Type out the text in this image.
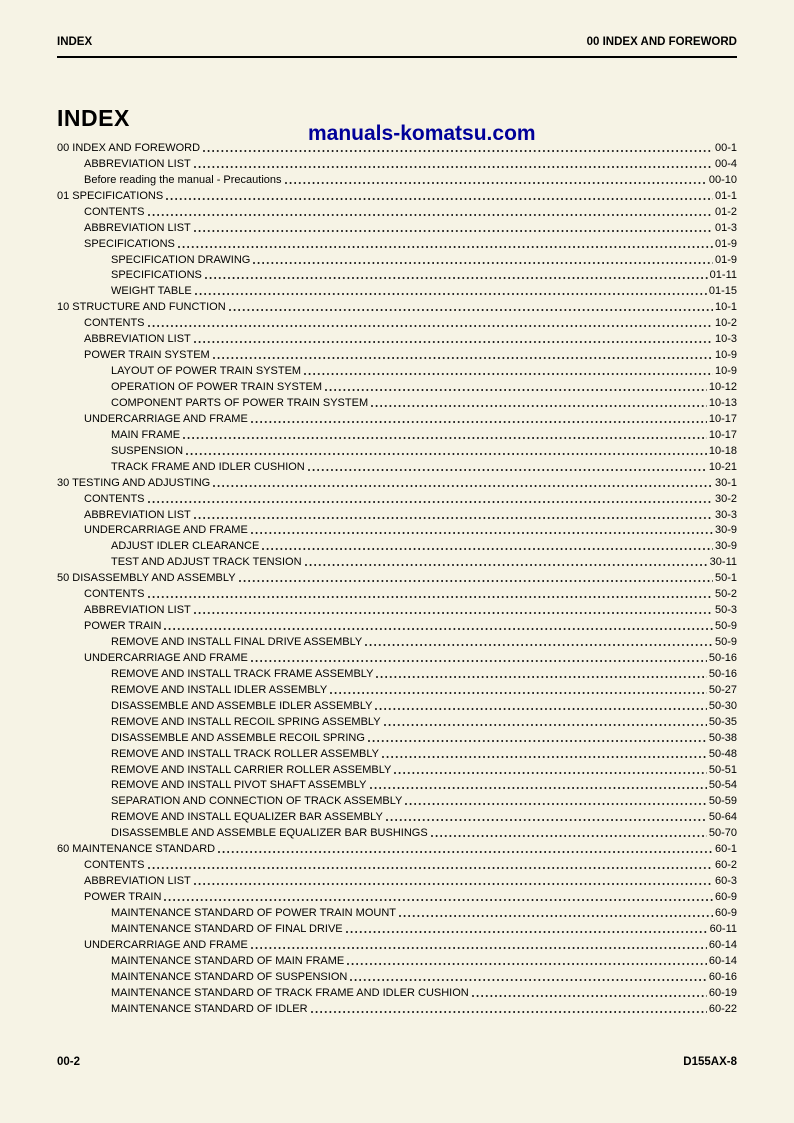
INDEX	00 INDEX AND FOREWORD
INDEX
manuals-komatsu.com
00 INDEX AND FOREWORD	00-1
ABBREVIATION LIST	00-4
Before reading the manual - Precautions	00-10
01 SPECIFICATIONS	01-1
CONTENTS	01-2
ABBREVIATION LIST	01-3
SPECIFICATIONS	01-9
SPECIFICATION DRAWING	01-9
SPECIFICATIONS	01-11
WEIGHT TABLE	01-15
10 STRUCTURE AND FUNCTION	10-1
CONTENTS	10-2
ABBREVIATION LIST	10-3
POWER TRAIN SYSTEM	10-9
LAYOUT OF POWER TRAIN SYSTEM	10-9
OPERATION OF POWER TRAIN SYSTEM	10-12
COMPONENT PARTS OF POWER TRAIN SYSTEM	10-13
UNDERCARRIAGE AND FRAME	10-17
MAIN FRAME	10-17
SUSPENSION	10-18
TRACK FRAME AND IDLER CUSHION	10-21
30 TESTING AND ADJUSTING	30-1
CONTENTS	30-2
ABBREVIATION LIST	30-3
UNDERCARRIAGE AND FRAME	30-9
ADJUST IDLER CLEARANCE	30-9
TEST AND ADJUST TRACK TENSION	30-11
50 DISASSEMBLY AND ASSEMBLY	50-1
CONTENTS	50-2
ABBREVIATION LIST	50-3
POWER TRAIN	50-9
REMOVE AND INSTALL FINAL DRIVE ASSEMBLY	50-9
UNDERCARRIAGE AND FRAME	50-16
REMOVE AND INSTALL TRACK FRAME ASSEMBLY	50-16
REMOVE AND INSTALL IDLER ASSEMBLY	50-27
DISASSEMBLE AND ASSEMBLE IDLER ASSEMBLY	50-30
REMOVE AND INSTALL RECOIL SPRING ASSEMBLY	50-35
DISASSEMBLE AND ASSEMBLE RECOIL SPRING	50-38
REMOVE AND INSTALL TRACK ROLLER ASSEMBLY	50-48
REMOVE AND INSTALL CARRIER ROLLER ASSEMBLY	50-51
REMOVE AND INSTALL PIVOT SHAFT ASSEMBLY	50-54
SEPARATION AND CONNECTION OF TRACK ASSEMBLY	50-59
REMOVE AND INSTALL EQUALIZER BAR ASSEMBLY	50-64
DISASSEMBLE AND ASSEMBLE EQUALIZER BAR BUSHINGS	50-70
60 MAINTENANCE STANDARD	60-1
CONTENTS	60-2
ABBREVIATION LIST	60-3
POWER TRAIN	60-9
MAINTENANCE STANDARD OF POWER TRAIN MOUNT	60-9
MAINTENANCE STANDARD OF FINAL DRIVE	60-11
UNDERCARRIAGE AND FRAME	60-14
MAINTENANCE STANDARD OF MAIN FRAME	60-14
MAINTENANCE STANDARD OF SUSPENSION	60-16
MAINTENANCE STANDARD OF TRACK FRAME AND IDLER CUSHION	60-19
MAINTENANCE STANDARD OF IDLER	60-22
00-2	D155AX-8
